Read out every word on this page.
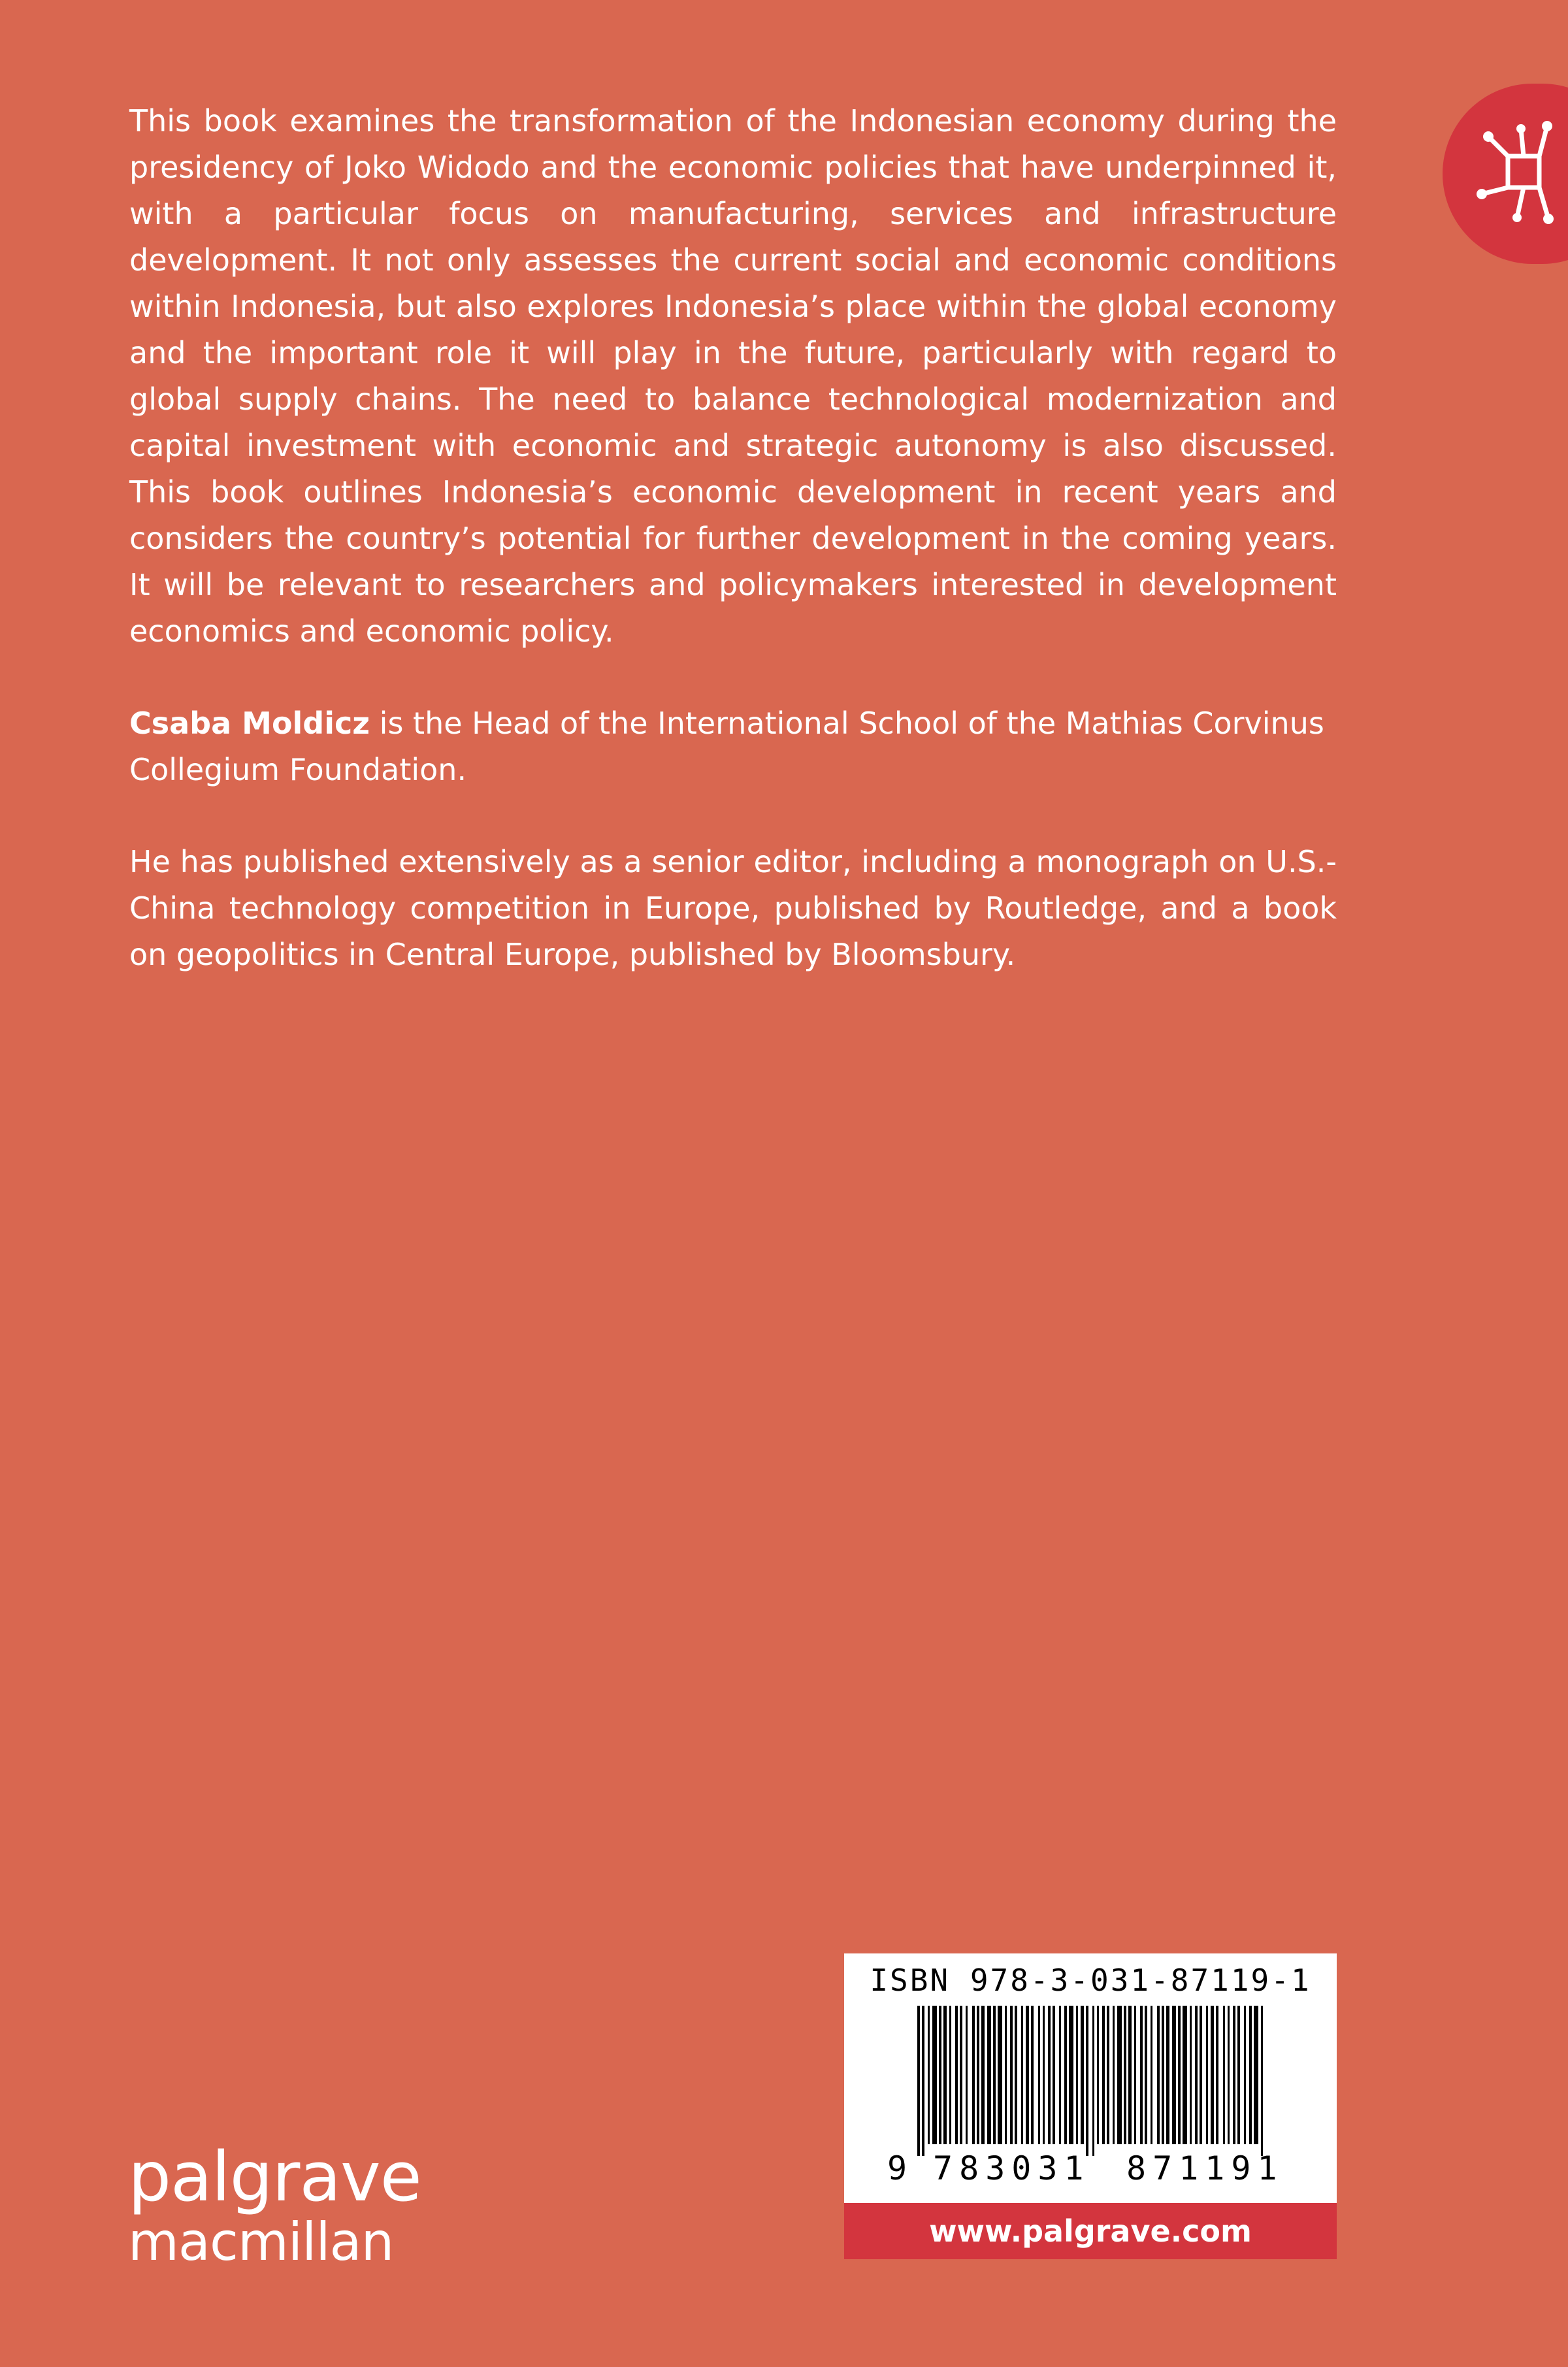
This book examines the transformation of the Indonesian economy during the presidency of Joko Widodo and the economic policies that have underpinned it, with a particular focus on manufacturing, services and infrastructure development. It not only assesses the current social and economic conditions within Indonesia, but also explores Indonesia’s place within the global economy and the important role it will play in the future, particularly with regard to global supply chains. The need to balance technological modernization and capital investment with economic and strategic autonomy is also discussed. This book outlines Indonesia’s economic development in recent years and considers the country’s potential for further development in the coming years. It will be relevant to researchers and policymakers interested in development economics and economic policy.

Csaba Moldicz is the Head of the International School of the Mathias Corvinus Collegium Foundation.

He has published extensively as a senior editor, including a monograph on U.S.-China technology competition in Europe, published by Routledge, and a book on geopolitics in Central Europe, published by Bloomsbury.

palgrave
macmillan
ISBN 978-3-031-87119-1
9 783031 871191
www.palgrave.com
